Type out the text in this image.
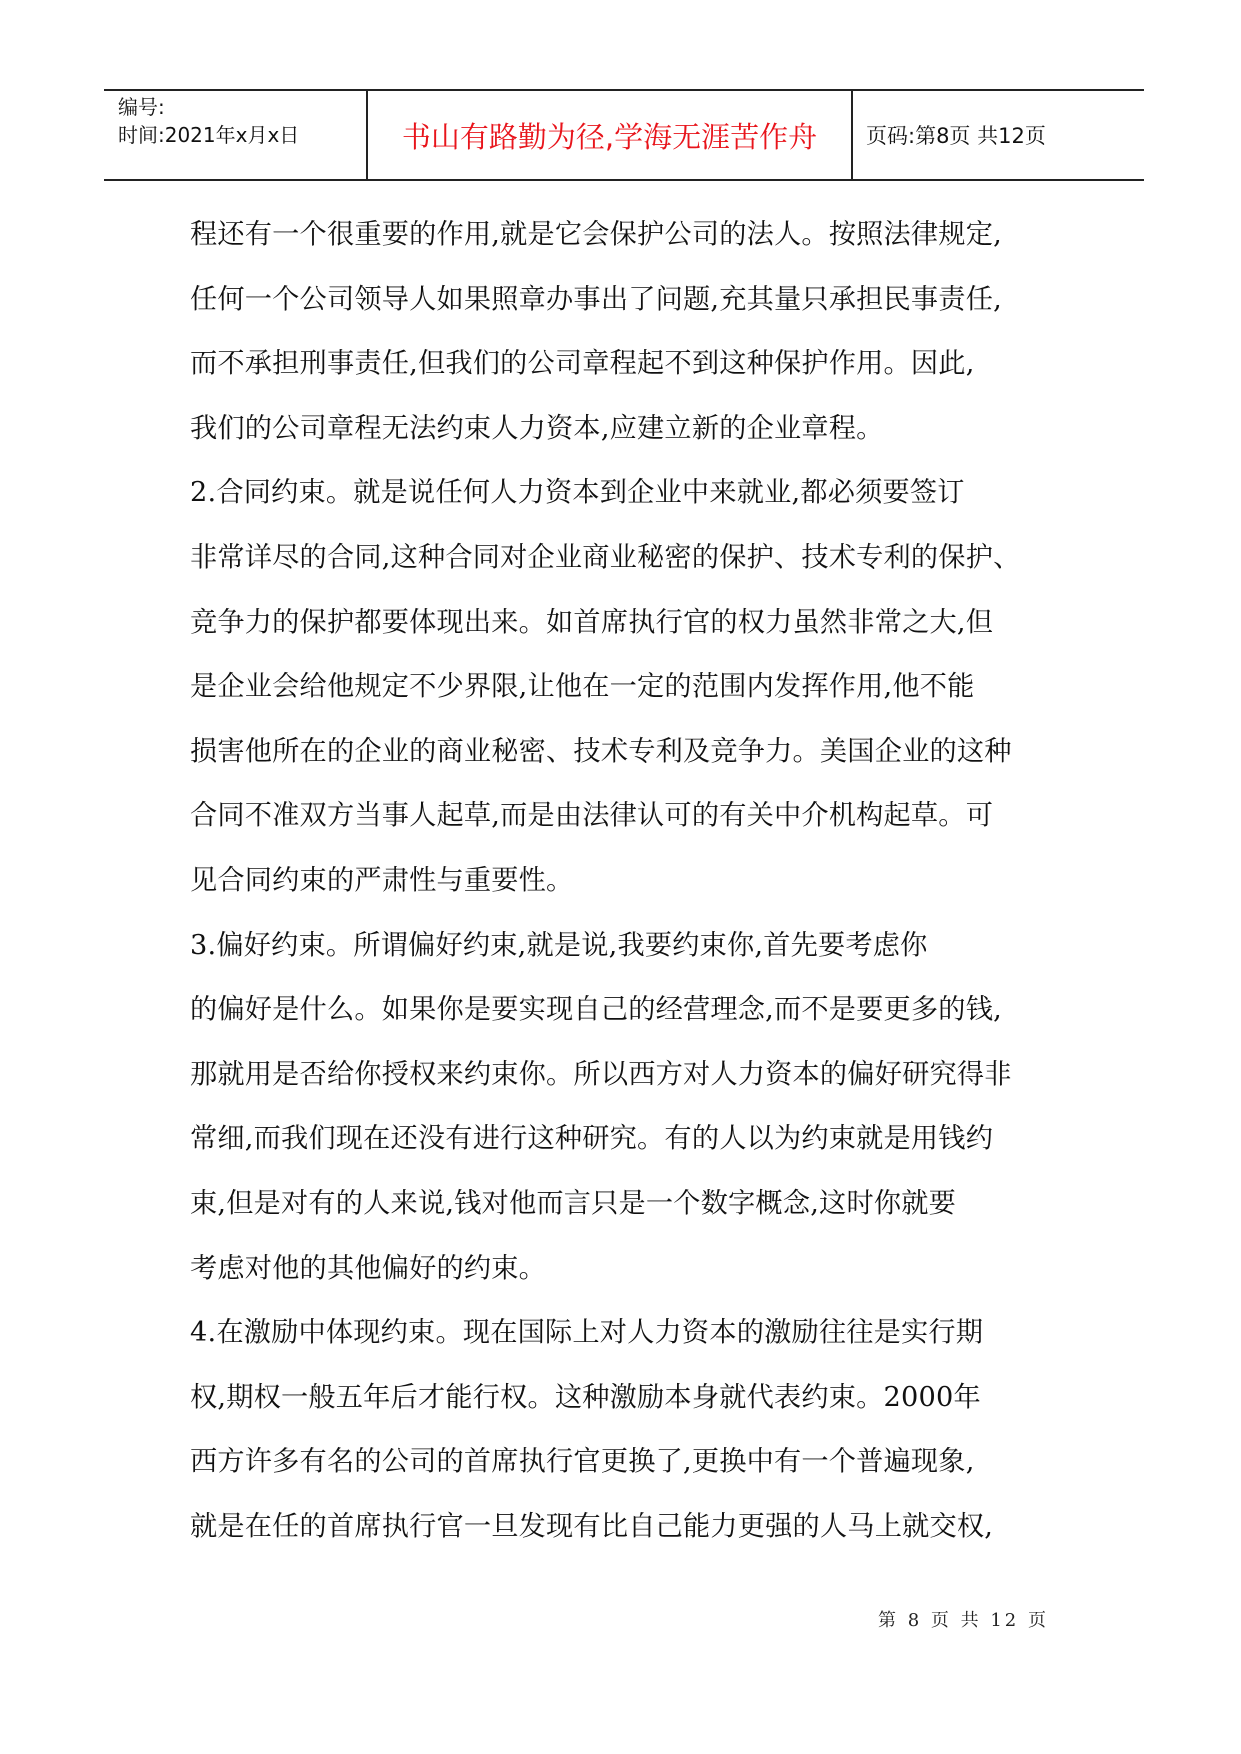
编号:
时间:2021年x月x日	书山有路勤为径,学海无涯苦作舟	页码:第8页 共12页
程还有一个很重要的作用,就是它会保护公司的法人。按照法律规定,
任何一个公司领导人如果照章办事出了问题,充其量只承担民事责任,
而不承担刑事责任,但我们的公司章程起不到这种保护作用。因此,
我们的公司章程无法约束人力资本,应建立新的企业章程。
2.合同约束。就是说任何人力资本到企业中来就业,都必须要签订
非常详尽的合同,这种合同对企业商业秘密的保护、技术专利的保护、
竞争力的保护都要体现出来。如首席执行官的权力虽然非常之大,但
是企业会给他规定不少界限,让他在一定的范围内发挥作用,他不能
损害他所在的企业的商业秘密、技术专利及竞争力。美国企业的这种
合同不准双方当事人起草,而是由法律认可的有关中介机构起草。可
见合同约束的严肃性与重要性。
3.偏好约束。所谓偏好约束,就是说,我要约束你,首先要考虑你
的偏好是什么。如果你是要实现自己的经营理念,而不是要更多的钱,
那就用是否给你授权来约束你。所以西方对人力资本的偏好研究得非
常细,而我们现在还没有进行这种研究。有的人以为约束就是用钱约
束,但是对有的人来说,钱对他而言只是一个数字概念,这时你就要
考虑对他的其他偏好的约束。
4.在激励中体现约束。现在国际上对人力资本的激励往往是实行期
权,期权一般五年后才能行权。这种激励本身就代表约束。2000年
西方许多有名的公司的首席执行官更换了,更换中有一个普遍现象,
就是在任的首席执行官一旦发现有比自己能力更强的人马上就交权,
第 8 页 共 12 页
